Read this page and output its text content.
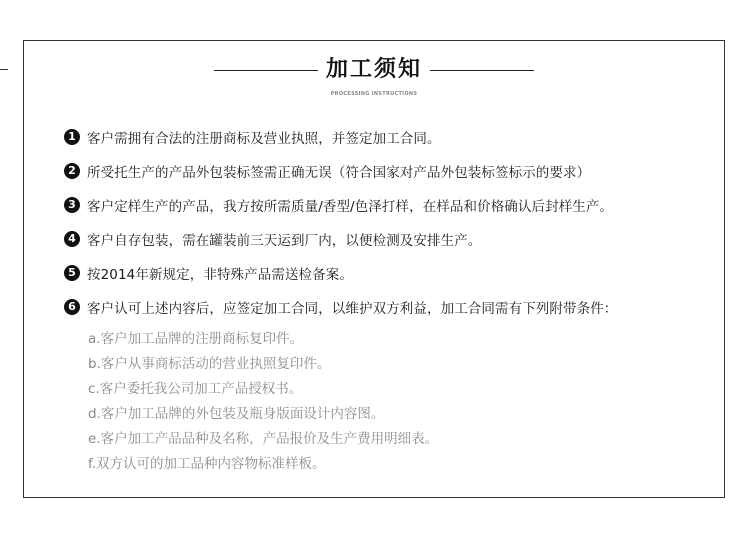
加工须知
PROCESSING INSTRUCTIONS
1 客户需拥有合法的注册商标及营业执照，并签定加工合同。
2 所受托生产的产品外包装标签需正确无误（符合国家对产品外包装标签标示的要求）
3 客户定样生产的产品，我方按所需质量/香型/色泽打样，在样品和价格确认后封样生产。
4 客户自存包装，需在罐装前三天运到厂内，以便检测及安排生产。
5 按2014年新规定，非特殊产品需送检备案。
6 客户认可上述内容后，应签定加工合同，以维护双方利益，加工合同需有下列附带条件：
a.客户加工品牌的注册商标复印件。
b.客户从事商标活动的营业执照复印件。
c.客户委托我公司加工产品授权书。
d.客户加工品牌的外包装及瓶身版面设计内容图。
e.客户加工产品品种及名称，产品报价及生产费用明细表。
f.双方认可的加工品种内容物标准样板。
